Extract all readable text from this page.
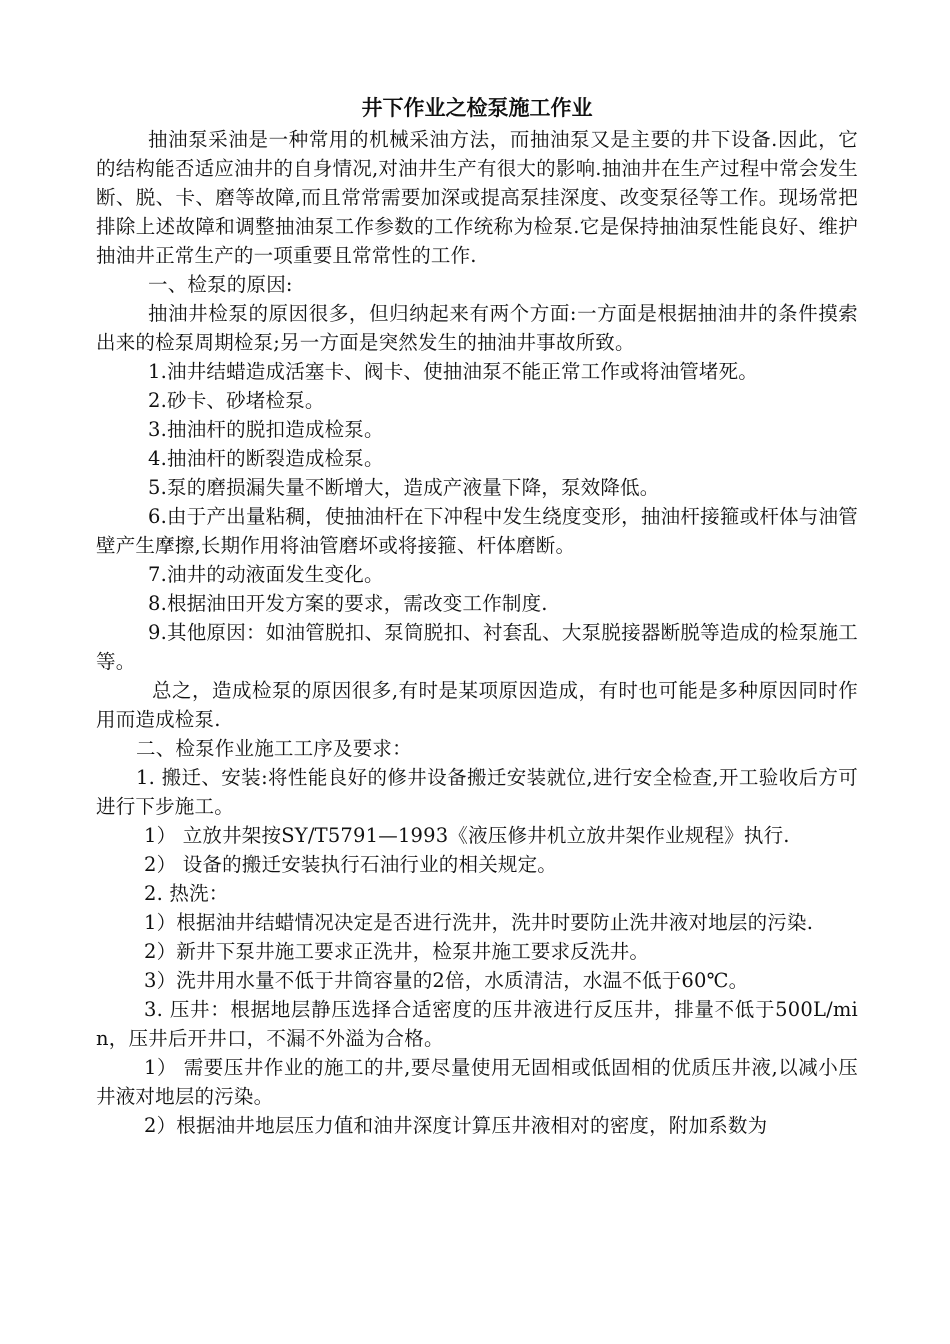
井下作业之检泵施工作业

抽油泵采油是一种常用的机械采油方法，而抽油泵又是主要的井下设备.因此，它的结构能否适应油井的自身情况,对油井生产有很大的影响.抽油井在生产过程中常会发生断、脱、卡、磨等故障,而且常常需要加深或提高泵挂深度、改变泵径等工作。现场常把排除上述故障和调整抽油泵工作参数的工作统称为检泵.它是保持抽油泵性能良好、维护抽油井正常生产的一项重要且常常性的工作.

一、检泵的原因:

抽油井检泵的原因很多，但归纳起来有两个方面:一方面是根据抽油井的条件摸索出来的检泵周期检泵;另一方面是突然发生的抽油井事故所致。

1.油井结蜡造成活塞卡、阀卡、使抽油泵不能正常工作或将油管堵死。

2.砂卡、砂堵检泵。

3.抽油杆的脱扣造成检泵。

4.抽油杆的断裂造成检泵。

5.泵的磨损漏失量不断增大，造成产液量下降，泵效降低。

6.由于产出量粘稠，使抽油杆在下冲程中发生绕度变形，抽油杆接箍或杆体与油管壁产生摩擦,长期作用将油管磨坏或将接箍、杆体磨断。

7.油井的动液面发生变化。

8.根据油田开发方案的要求，需改变工作制度.

9.其他原因：如油管脱扣、泵筒脱扣、衬套乱、大泵脱接器断脱等造成的检泵施工等。

总之，造成检泵的原因很多,有时是某项原因造成，有时也可能是多种原因同时作用而造成检泵.

二、检泵作业施工工序及要求：

1. 搬迁、安装:将性能良好的修井设备搬迁安装就位,进行安全检查,开工验收后方可进行下步施工。

1） 立放井架按SY/T5791—1993《液压修井机立放井架作业规程》执行.

2） 设备的搬迁安装执行石油行业的相关规定。

2. 热洗：

1）根据油井结蜡情况决定是否进行洗井，洗井时要防止洗井液对地层的污染.

2）新井下泵井施工要求正洗井，检泵井施工要求反洗井。

3）洗井用水量不低于井筒容量的2倍，水质清洁，水温不低于60℃。

3. 压井：根据地层静压选择合适密度的压井液进行反压井，排量不低于500L/min，压井后开井口，不漏不外溢为合格。

1） 需要压井作业的施工的井,要尽量使用无固相或低固相的优质压井液,以减小压井液对地层的污染。

2）根据油井地层压力值和油井深度计算压井液相对的密度，附加系数为
